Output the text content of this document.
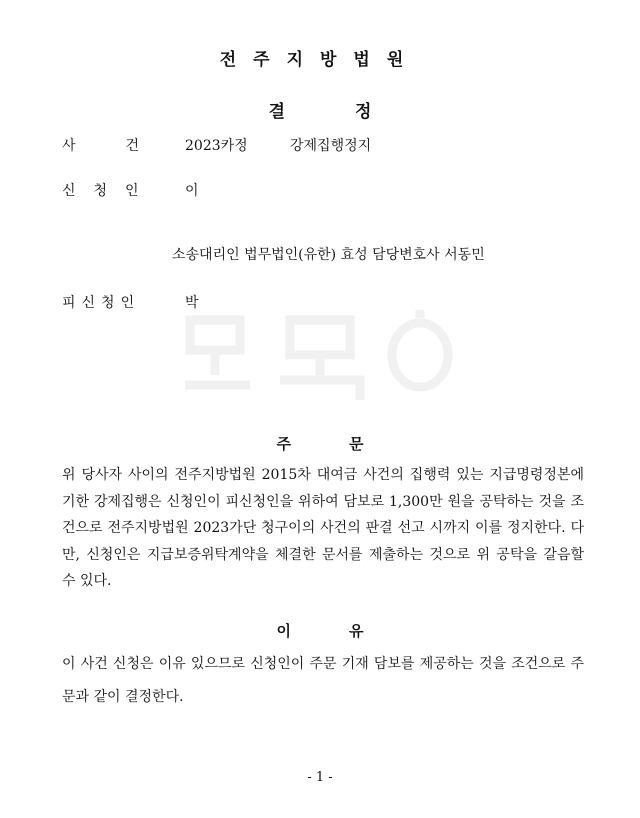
전주지방법원
결정
사건	2023카정	강제집행정지
신청인 이
소송대리인 법무법인(유한) 효성 담당변호사 서동민
피신청인	박
주문
위 당사자 사이의 전주지방법원 2015차 대여금 사건의 집행력 있는 지급명령정본에 기한 강제집행은 신청인이 피신청인을 위하여 담보로 1,300만 원을 공탁하는 것을 조건으로 전주지방법원 2023가단 청구이의 사건의 판결 선고 시까지 이를 정지한다. 다만, 신청인은 지급보증위탁계약을 체결한 문서를 제출하는 것으로 위 공탁을 갈음할 수 있다.
이유
이 사건 신청은 이유 있으므로 신청인이 주문 기재 담보를 제공하는 것을 조건으로 주문과 같이 결정한다.
- 1 -
